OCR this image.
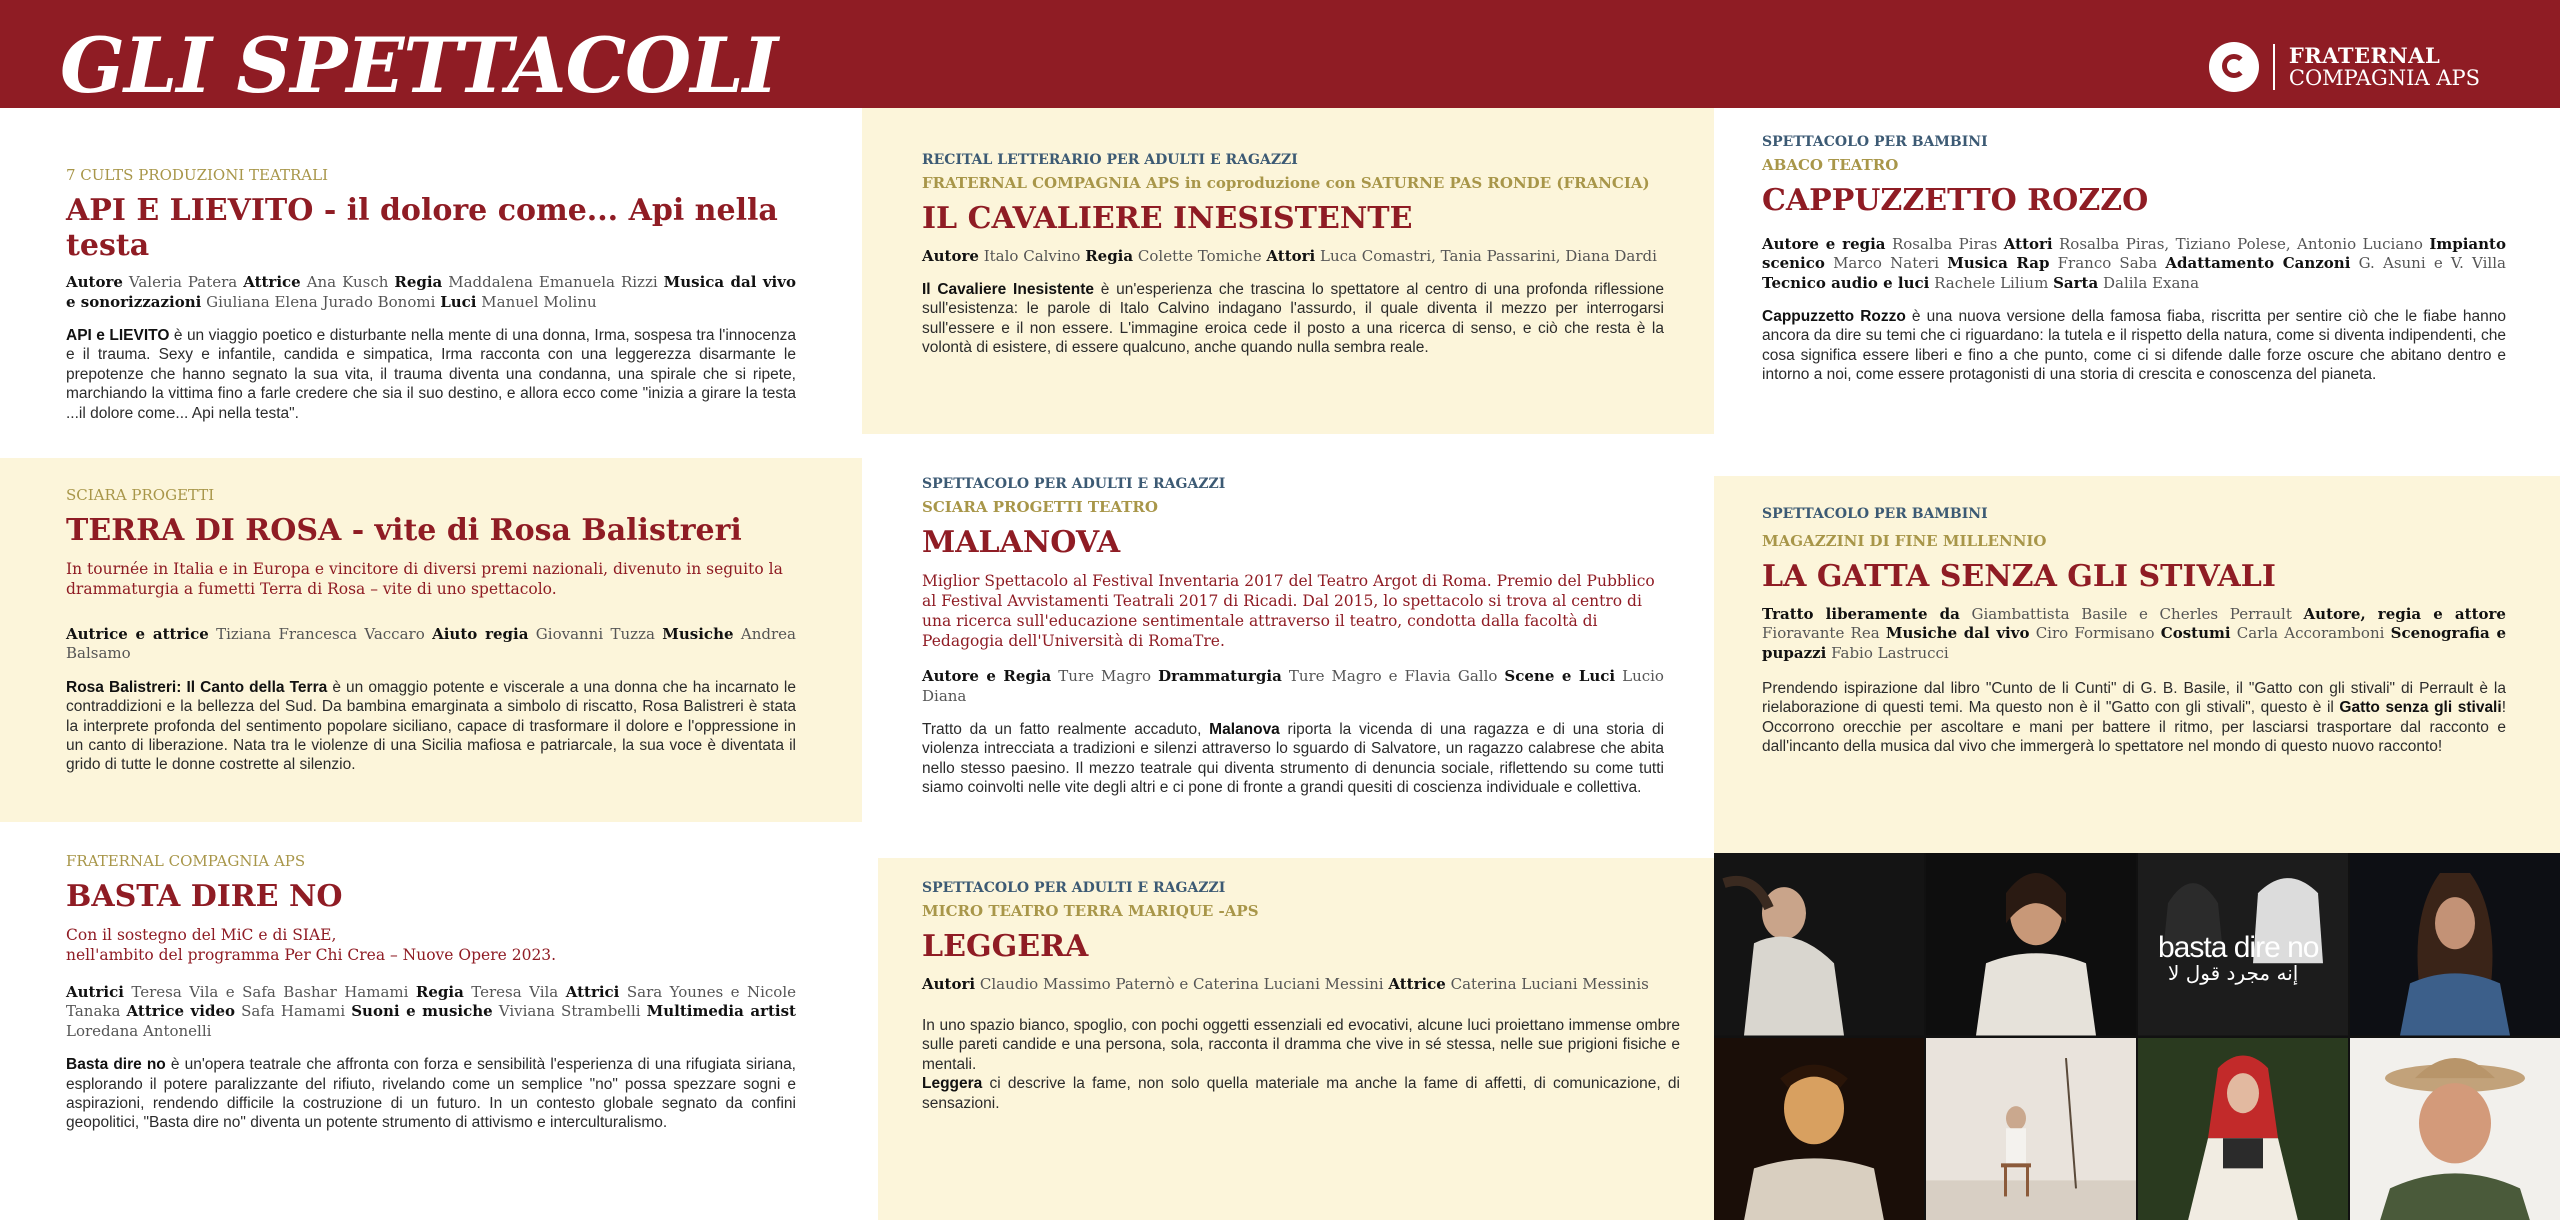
GLI SPETTACOLI	FRATERNAL
COMPAGNIA APS
7 CULTS PRODUZIONI TEATRALI
API E LIEVITO - il dolore come... Api nella testa
Autore Valeria Patera Attrice Ana Kusch Regia Maddalena Emanuela Rizzi Musica dal vivo e sonorizzazioni Giuliana Elena Jurado Bonomi Luci Manuel Molinu

API e LIEVITO è un viaggio poetico e disturbante nella mente di una donna, Irma, sospesa tra l'innocenza e il trauma. Sexy e infantile, candida e simpatica, Irma racconta con una leggerezza disarmante le prepotenze che hanno segnato la sua vita, il trauma diventa una condanna, una spirale che si ripete, marchiando la vittima fino a farle credere che sia il suo destino, e allora ecco come "inizia a girare la testa ...il dolore come... Api nella testa".

RECITAL LETTERARIO PER ADULTI E RAGAZZI
FRATERNAL COMPAGNIA APS in coproduzione con SATURNE PAS RONDE (FRANCIA)
IL CAVALIERE INESISTENTE
Autore Italo Calvino Regia Colette Tomiche Attori Luca Comastri, Tania Passarini, Diana Dardi

Il Cavaliere Inesistente è un'esperienza che trascina lo spettatore al centro di una profonda riflessione sull'esistenza: le parole di Italo Calvino indagano l'assurdo, il quale diventa il mezzo per interrogarsi sull'essere e il non essere. L'immagine eroica cede il posto a una ricerca di senso, e ciò che resta è la volontà di esistere, di essere qualcuno, anche quando nulla sembra reale.

SPETTACOLO PER BAMBINI
ABACO TEATRO
CAPPUZZETTO ROZZO
Autore e regia Rosalba Piras Attori Rosalba Piras, Tiziano Polese, Antonio Luciano Impianto scenico Marco Nateri Musica Rap Franco Saba Adattamento Canzoni G. Asuni e V. Villa Tecnico audio e luci Rachele Lilium Sarta Dalila Exana

Cappuzzetto Rozzo è una nuova versione della famosa fiaba, riscritta per sentire ciò che le fiabe hanno ancora da dire su temi che ci riguardano: la tutela e il rispetto della natura, come si diventa indipendenti, che cosa significa essere liberi e fino a che punto, come ci si difende dalle forze oscure che abitano dentro e intorno a noi, come essere protagonisti di una storia di crescita e conoscenza del pianeta.

SCIARA PROGETTI
TERRA DI ROSA - vite di Rosa Balistreri
In tournée in Italia e in Europa e vincitore di diversi premi nazionali, divenuto in seguito la drammaturgia a fumetti Terra di Rosa – vite di uno spettacolo.
Autrice e attrice Tiziana Francesca Vaccaro Aiuto regia Giovanni Tuzza Musiche Andrea Balsamo

Rosa Balistreri: Il Canto della Terra è un omaggio potente e viscerale a una donna che ha incarnato le contraddizioni e la bellezza del Sud. Da bambina emarginata a simbolo di riscatto, Rosa Balistreri è stata la interprete profonda del sentimento popolare siciliano, capace di trasformare il dolore e l'oppressione in un canto di liberazione. Nata tra le violenze di una Sicilia mafiosa e patriarcale, la sua voce è diventata il grido di tutte le donne costrette al silenzio.

SPETTACOLO PER ADULTI E RAGAZZI
SCIARA PROGETTI TEATRO
MALANOVA
Miglior Spettacolo al Festival Inventaria 2017 del Teatro Argot di Roma. Premio del Pubblico al Festival Avvistamenti Teatrali 2017 di Ricadi. Dal 2015, lo spettacolo si trova al centro di una ricerca sull'educazione sentimentale attraverso il teatro, condotta dalla facoltà di Pedagogia dell'Università di RomaTre.
Autore e Regia Ture Magro Drammaturgia Ture Magro e Flavia Gallo Scene e Luci Lucio Diana

Tratto da un fatto realmente accaduto, Malanova riporta la vicenda di una ragazza e di una storia di violenza intrecciata a tradizioni e silenzi attraverso lo sguardo di Salvatore, un ragazzo calabrese che abita nello stesso paesino. Il mezzo teatrale qui diventa strumento di denuncia sociale, riflettendo su come tutti siamo coinvolti nelle vite degli altri e ci pone di fronte a grandi quesiti di coscienza individuale e collettiva.

SPETTACOLO PER BAMBINI
MAGAZZINI DI FINE MILLENNIO
LA GATTA SENZA GLI STIVALI
Tratto liberamente da Giambattista Basile e Cherles Perrault Autore, regia e attore Fioravante Rea Musiche dal vivo Ciro Formisano Costumi Carla Accoramboni Scenografia e pupazzi Fabio Lastrucci

Prendendo ispirazione dal libro "Cunto de li Cunti" di G. B. Basile, il "Gatto con gli stivali" di Perrault è la rielaborazione di questi temi. Ma questo non è il "Gatto con gli stivali", questo è il Gatto senza gli stivali! Occorrono orecchie per ascoltare e mani per battere il ritmo, per lasciarsi trasportare dal racconto e dall'incanto della musica dal vivo che immergerà lo spettatore nel mondo di questo nuovo racconto!

FRATERNAL COMPAGNIA APS
BASTA DIRE NO
Con il sostegno del MiC e di SIAE,
nell'ambito del programma Per Chi Crea – Nuove Opere 2023.
Autrici Teresa Vila e Safa Bashar Hamami Regia Teresa Vila Attrici Sara Younes e Nicole Tanaka Attrice video Safa Hamami Suoni e musiche Viviana Strambelli Multimedia artist Loredana Antonelli

Basta dire no è un'opera teatrale che affronta con forza e sensibilità l'esperienza di una rifugiata siriana, esplorando il potere paralizzante del rifiuto, rivelando come un semplice "no" possa spezzare sogni e aspirazioni, rendendo difficile la costruzione di un futuro. In un contesto globale segnato da confini geopolitici, "Basta dire no" diventa un potente strumento di attivismo e interculturalismo.

SPETTACOLO PER ADULTI E RAGAZZI
MICRO TEATRO TERRA MARIQUE -APS
LEGGERA
Autori Claudio Massimo Paternò e Caterina Luciani Messini Attrice Caterina Luciani Messinis

In uno spazio bianco, spoglio, con pochi oggetti essenziali ed evocativi, alcune luci proiettano immense ombre sulle pareti candide e una persona, sola, racconta il dramma che vive in sé stessa, nelle sue prigioni fisiche e mentali.
Leggera ci descrive la fame, non solo quella materiale ma anche la fame di affetti, di comunicazione, di sensazioni.

basta dire no
إنه مجرد قول لا
